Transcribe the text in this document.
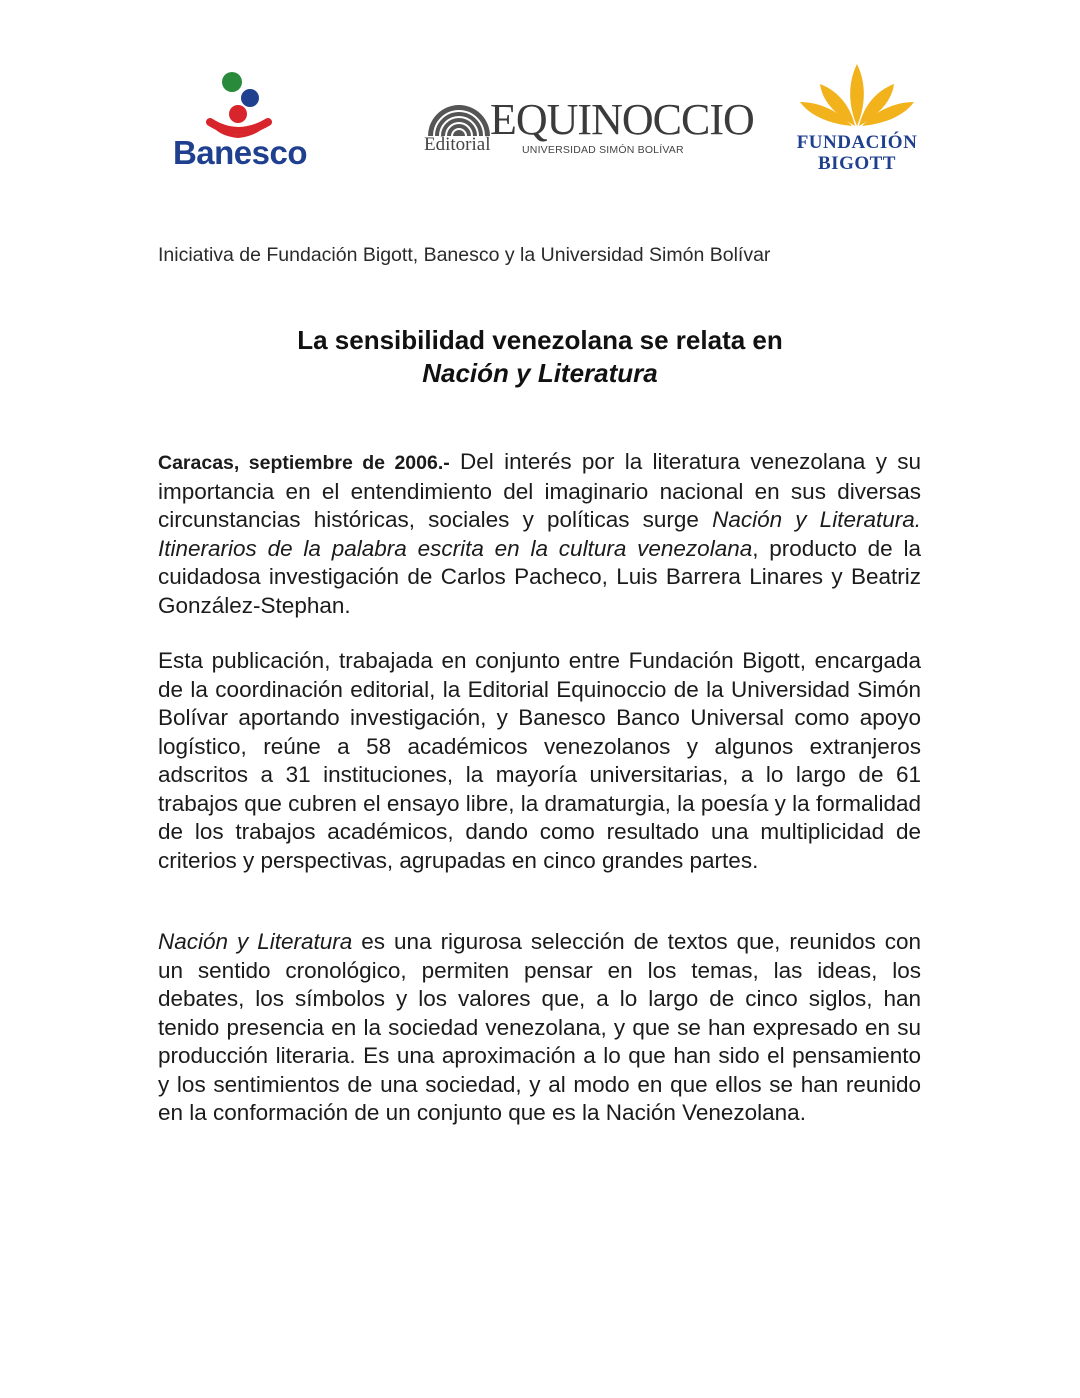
Banesco	Editorial
EQUINOCCIO
UNIVERSIDAD SIMÓN BOLÍVAR	FUNDACIÓN
BIGOTT
Iniciativa de Fundación Bigott, Banesco y la Universidad Simón Bolívar
La sensibilidad venezolana se relata en
Nación y Literatura
Caracas, septiembre de 2006.- Del interés por la literatura venezolana y su importancia en el entendimiento del imaginario nacional en sus diversas circunstancias históricas, sociales y políticas surge Nación y Literatura. Itinerarios de la palabra escrita en la cultura venezolana, producto de la cuidadosa investigación de Carlos Pacheco, Luis Barrera Linares y Beatriz González-Stephan.
Esta publicación, trabajada en conjunto entre Fundación Bigott, encargada de la coordinación editorial, la Editorial Equinoccio de la Universidad Simón Bolívar aportando investigación, y Banesco Banco Universal como apoyo logístico, reúne a 58 académicos venezolanos y algunos extranjeros adscritos a 31 instituciones, la mayoría universitarias, a lo largo de 61 trabajos que cubren el ensayo libre, la dramaturgia, la poesía y la formalidad de los trabajos académicos, dando como resultado una multiplicidad de criterios y perspectivas, agrupadas en cinco grandes partes.
Nación y Literatura es una rigurosa selección de textos que, reunidos con un sentido cronológico, permiten pensar en los temas, las ideas, los debates, los símbolos y los valores que, a lo largo de cinco siglos, han tenido presencia en la sociedad venezolana, y que se han expresado en su producción literaria. Es una aproximación a lo que han sido el pensamiento y los sentimientos de una sociedad, y al modo en que ellos se han reunido en la conformación de un conjunto que es la Nación Venezolana.
